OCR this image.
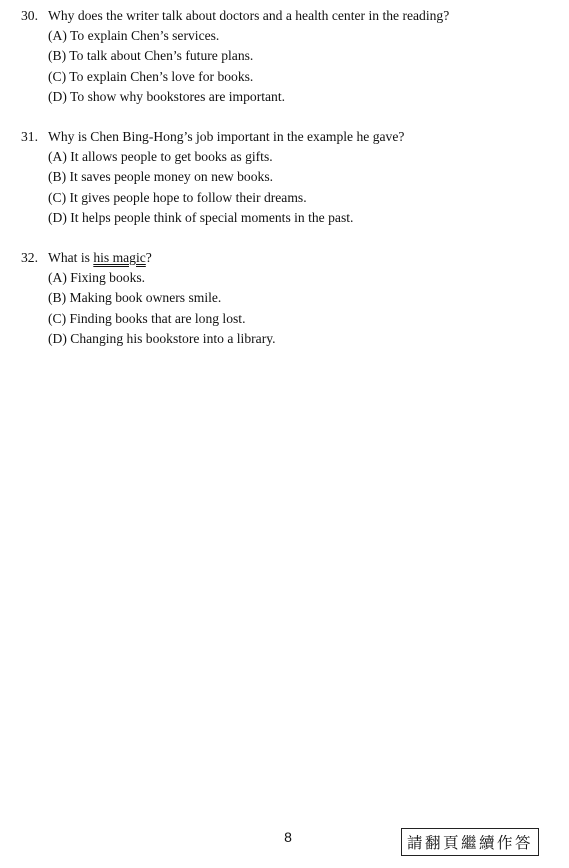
30. Why does the writer talk about doctors and a health center in the reading?
(A) To explain Chen’s services.
(B) To talk about Chen’s future plans.
(C) To explain Chen’s love for books.
(D) To show why bookstores are important.
31. Why is Chen Bing-Hong’s job important in the example he gave?
(A) It allows people to get books as gifts.
(B) It saves people money on new books.
(C) It gives people hope to follow their dreams.
(D) It helps people think of special moments in the past.
32. What is his magic?
(A) Fixing books.
(B) Making book owners smile.
(C) Finding books that are long lost.
(D) Changing his bookstore into a library.
8	請翻頁繼續作答
